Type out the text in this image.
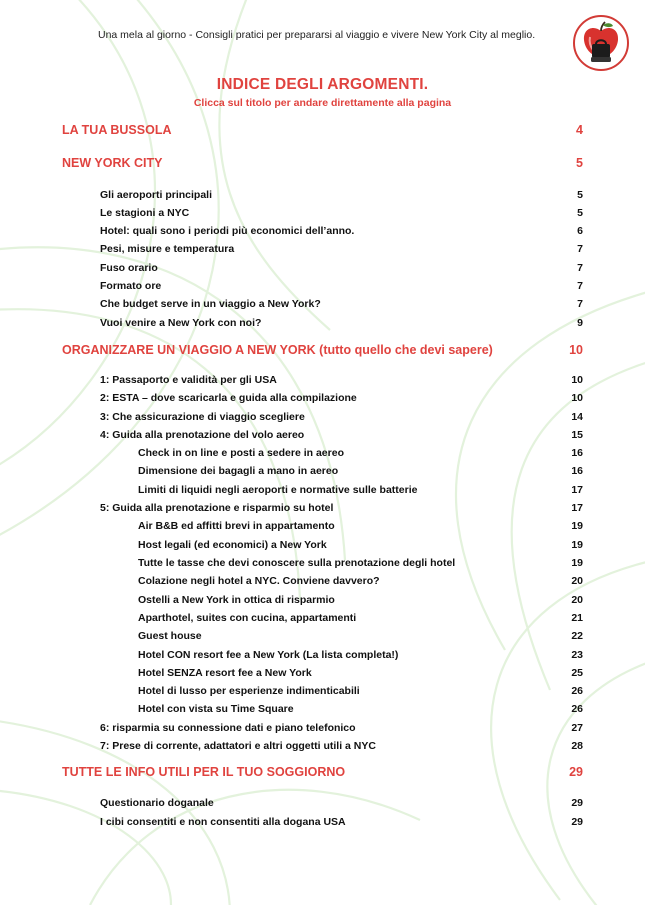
Una mela al giorno - Consigli pratici per prepararsi al viaggio e vivere New York City al meglio.
INDICE DEGLI ARGOMENTI.
Clicca sul titolo per andare direttamente alla pagina
LA TUA BUSSOLA	4
NEW YORK CITY	5
Gli aeroporti principali	5
Le stagioni a NYC	5
Hotel: quali sono i periodi più economici dell’anno.	6
Pesi, misure e temperatura	7
Fuso orario	7
Formato ore	7
Che budget serve in un viaggio a New York?	7
Vuoi venire a New York con noi?	9
ORGANIZZARE UN VIAGGIO A NEW YORK (tutto quello che devi sapere)	10
1: Passaporto e validità per gli USA	10
2: ESTA – dove scaricarla e guida alla compilazione	10
3: Che assicurazione di viaggio scegliere	14
4: Guida alla prenotazione del volo aereo	15
Check in on line e posti a sedere in aereo	16
Dimensione dei bagagli a mano in aereo	16
Limiti di liquidi negli aeroporti e normative sulle batterie	17
5: Guida alla prenotazione e risparmio su hotel	17
Air B&B ed affitti brevi in appartamento	19
Host legali (ed economici) a New York	19
Tutte le tasse che devi conoscere sulla prenotazione degli hotel	19
Colazione negli hotel a NYC. Conviene davvero?	20
Ostelli a New York in ottica di risparmio	20
Aparthotel, suites con cucina, appartamenti	21
Guest house	22
Hotel CON resort fee a New York (La lista completa!)	23
Hotel SENZA resort fee a New York	25
Hotel di lusso per esperienze indimenticabili	26
Hotel con vista su Time Square	26
6: risparmia su connessione dati e piano telefonico	27
7: Prese di corrente, adattatori e altri oggetti utili a NYC	28
TUTTE LE INFO UTILI PER IL TUO SOGGIORNO	29
Questionario doganale	29
I cibi consentiti e non consentiti alla dogana USA	29
